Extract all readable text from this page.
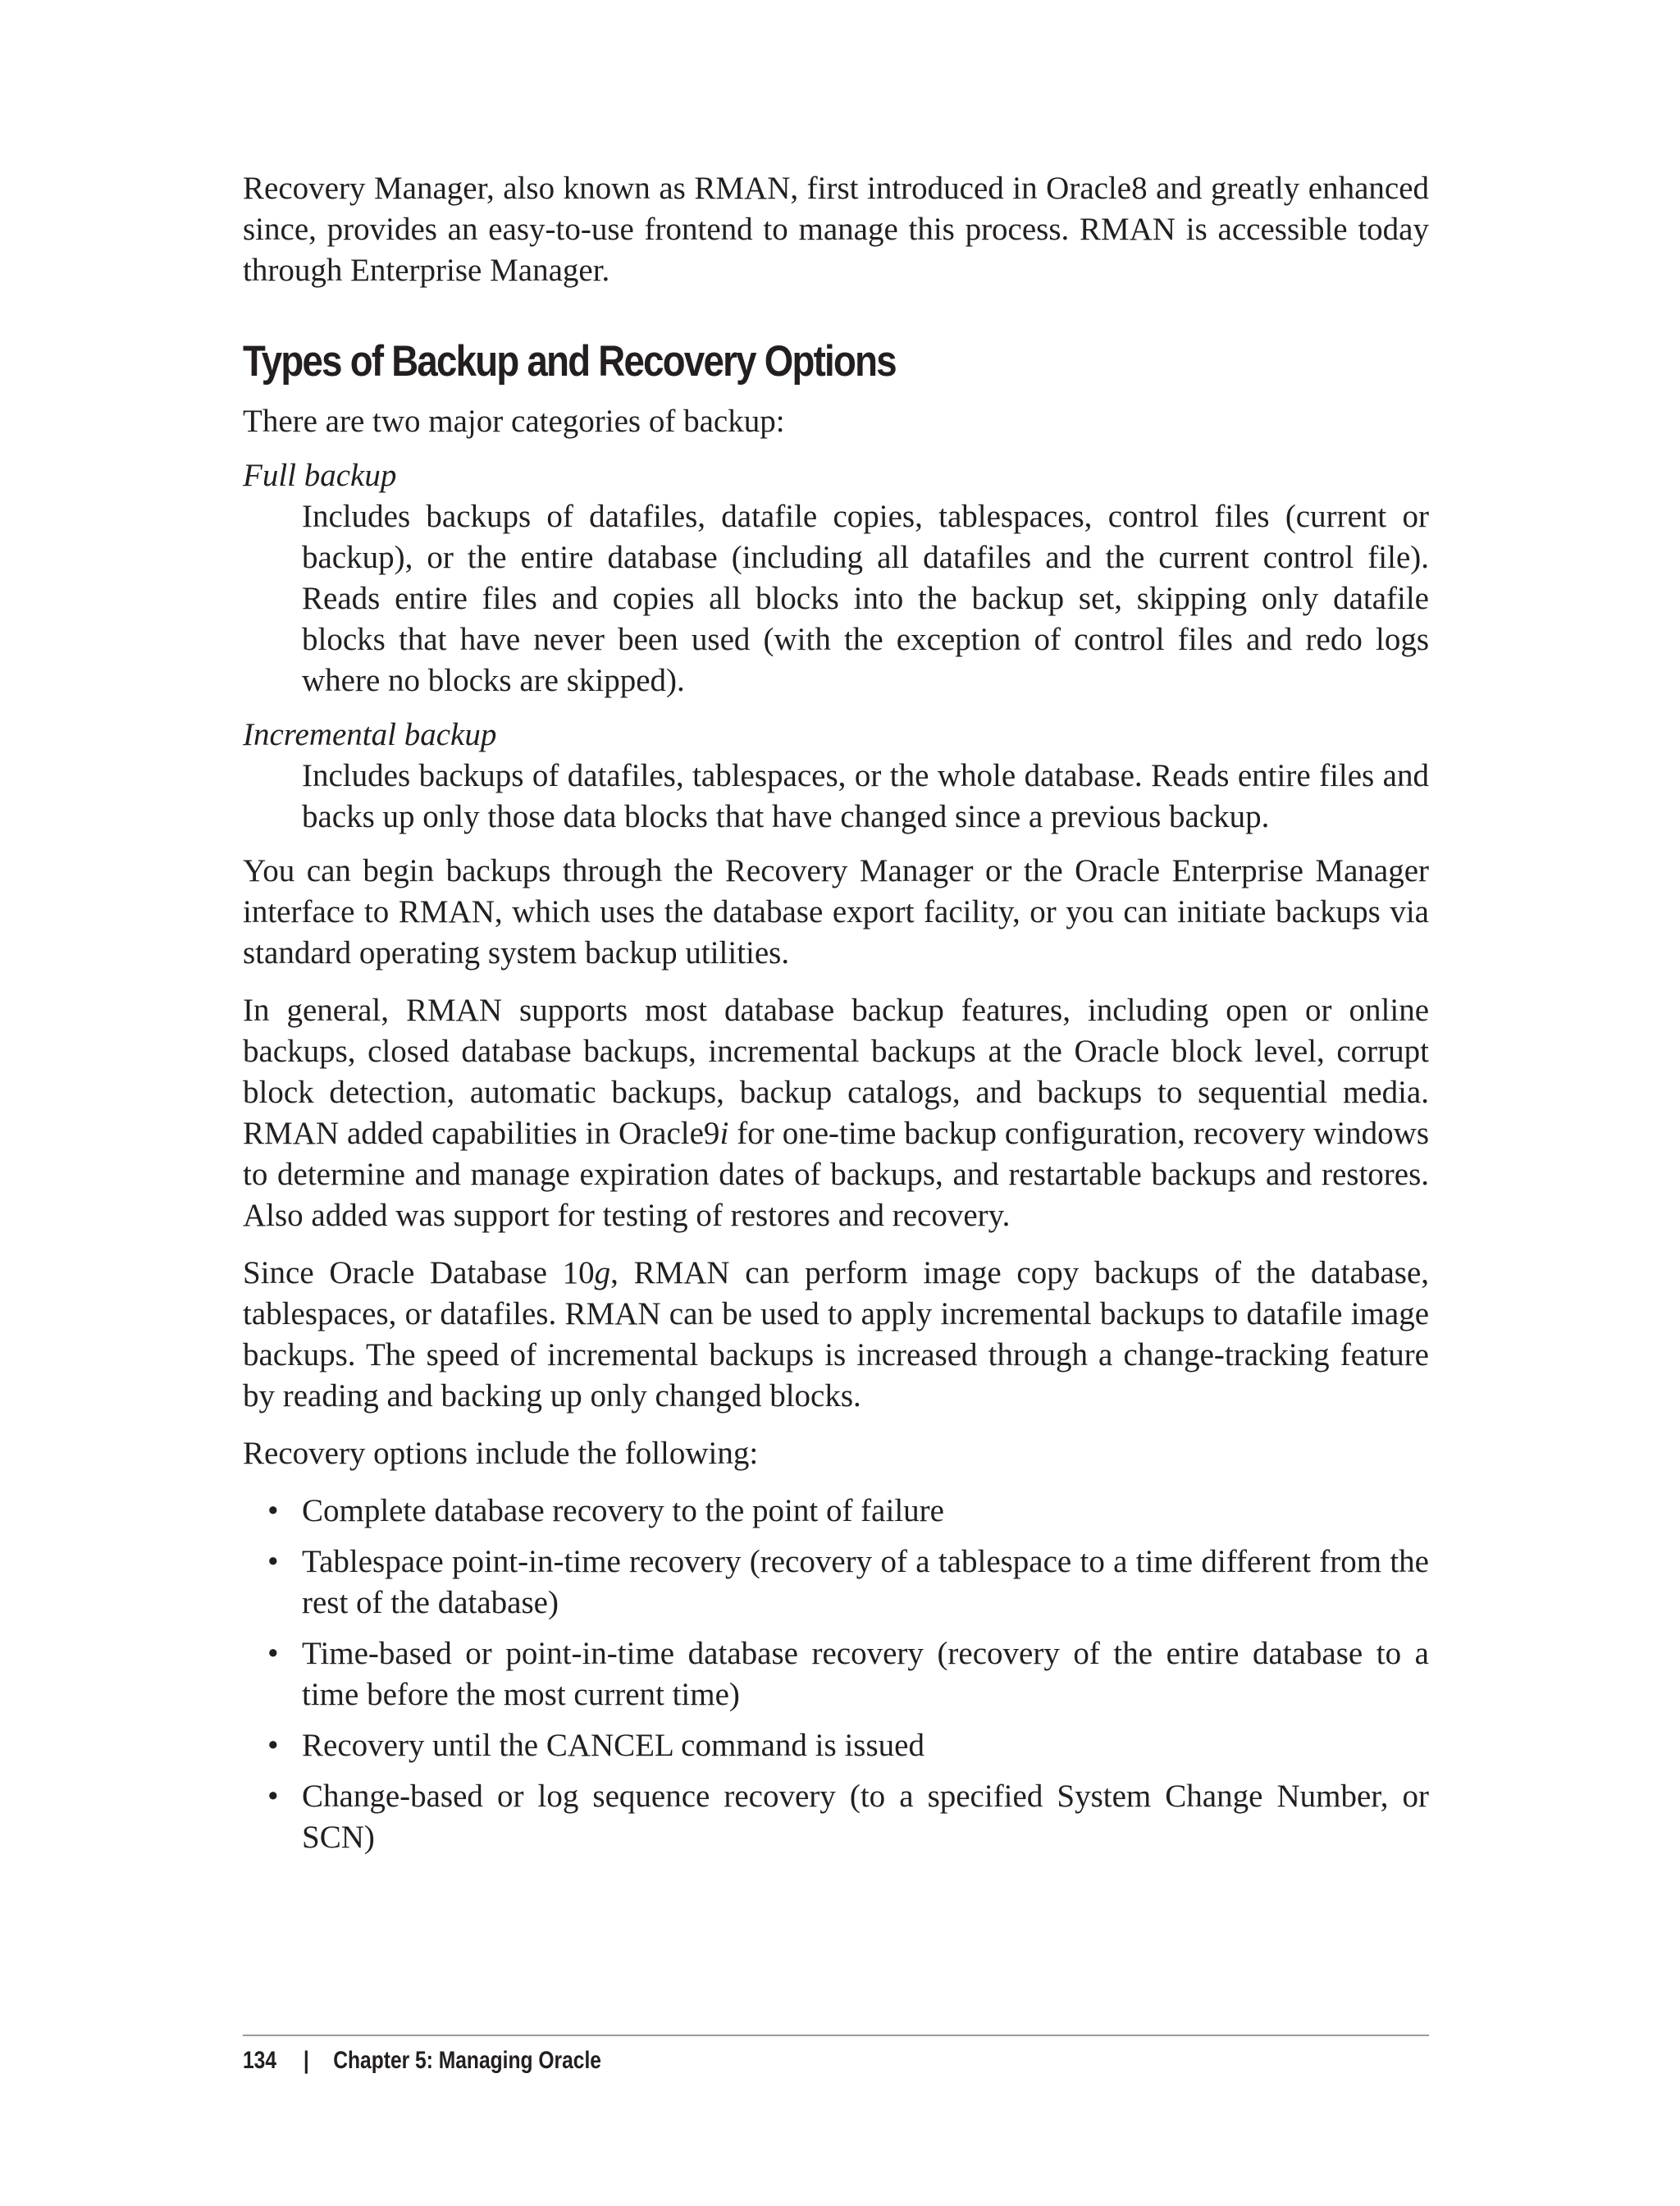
Recovery Manager, also known as RMAN, first introduced in Oracle8 and greatly enhanced since, provides an easy-to-use frontend to manage this process. RMAN is accessible today through Enterprise Manager.

Types of Backup and Recovery Options

There are two major categories of backup:

Full backup

Includes backups of datafiles, datafile copies, tablespaces, control files (current or backup), or the entire database (including all datafiles and the current control file). Reads entire files and copies all blocks into the backup set, skipping only datafile blocks that have never been used (with the exception of control files and redo logs where no blocks are skipped).

Incremental backup

Includes backups of datafiles, tablespaces, or the whole database. Reads entire files and backs up only those data blocks that have changed since a previous backup.

You can begin backups through the Recovery Manager or the Oracle Enterprise Manager interface to RMAN, which uses the database export facility, or you can initiate backups via standard operating system backup utilities.

In general, RMAN supports most database backup features, including open or online backups, closed database backups, incremental backups at the Oracle block level, corrupt block detection, automatic backups, backup catalogs, and backups to sequential media. RMAN added capabilities in Oracle9i for one-time backup configuration, recovery windows to determine and manage expiration dates of backups, and restartable backups and restores. Also added was support for testing of restores and recovery.

Since Oracle Database 10g, RMAN can perform image copy backups of the database, tablespaces, or datafiles. RMAN can be used to apply incremental backups to datafile image backups. The speed of incremental backups is increased through a change-tracking feature by reading and backing up only changed blocks.

Recovery options include the following:

• Complete database recovery to the point of failure
• Tablespace point-in-time recovery (recovery of a tablespace to a time different from the rest of the database)
• Time-based or point-in-time database recovery (recovery of the entire database to a time before the most current time)
• Recovery until the CANCEL command is issued
• Change-based or log sequence recovery (to a specified System Change Number, or SCN)
134 | Chapter 5: Managing Oracle
